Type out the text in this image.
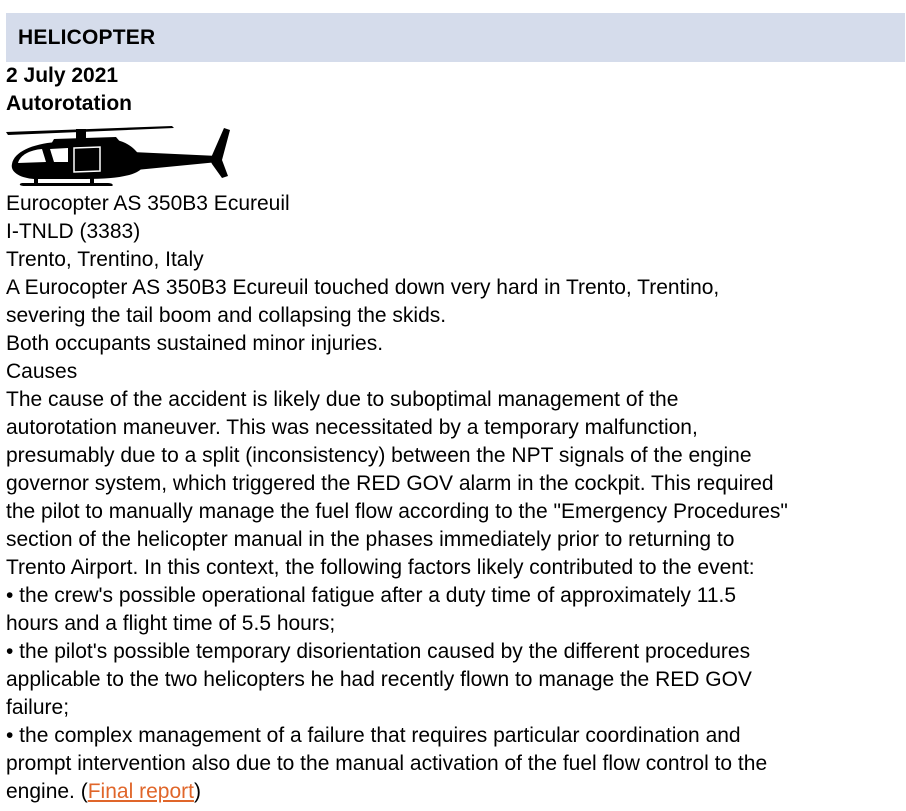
HELICOPTER
2 July 2021
Autorotation
Eurocopter AS 350B3 Ecureuil
I-TNLD (3383)
Trento, Trentino, Italy
A Eurocopter AS 350B3 Ecureuil touched down very hard in Trento, Trentino,
severing the tail boom and collapsing the skids.
Both occupants sustained minor injuries.
Causes
The cause of the accident is likely due to suboptimal management of the
autorotation maneuver. This was necessitated by a temporary malfunction,
presumably due to a split (inconsistency) between the NPT signals of the engine
governor system, which triggered the RED GOV alarm in the cockpit. This required
the pilot to manually manage the fuel flow according to the "Emergency Procedures"
section of the helicopter manual in the phases immediately prior to returning to
Trento Airport. In this context, the following factors likely contributed to the event:
• the crew's possible operational fatigue after a duty time of approximately 11.5
hours and a flight time of 5.5 hours;
• the pilot's possible temporary disorientation caused by the different procedures
applicable to the two helicopters he had recently flown to manage the RED GOV
failure;
• the complex management of a failure that requires particular coordination and
prompt intervention also due to the manual activation of the fuel flow control to the
engine. (Final report)
